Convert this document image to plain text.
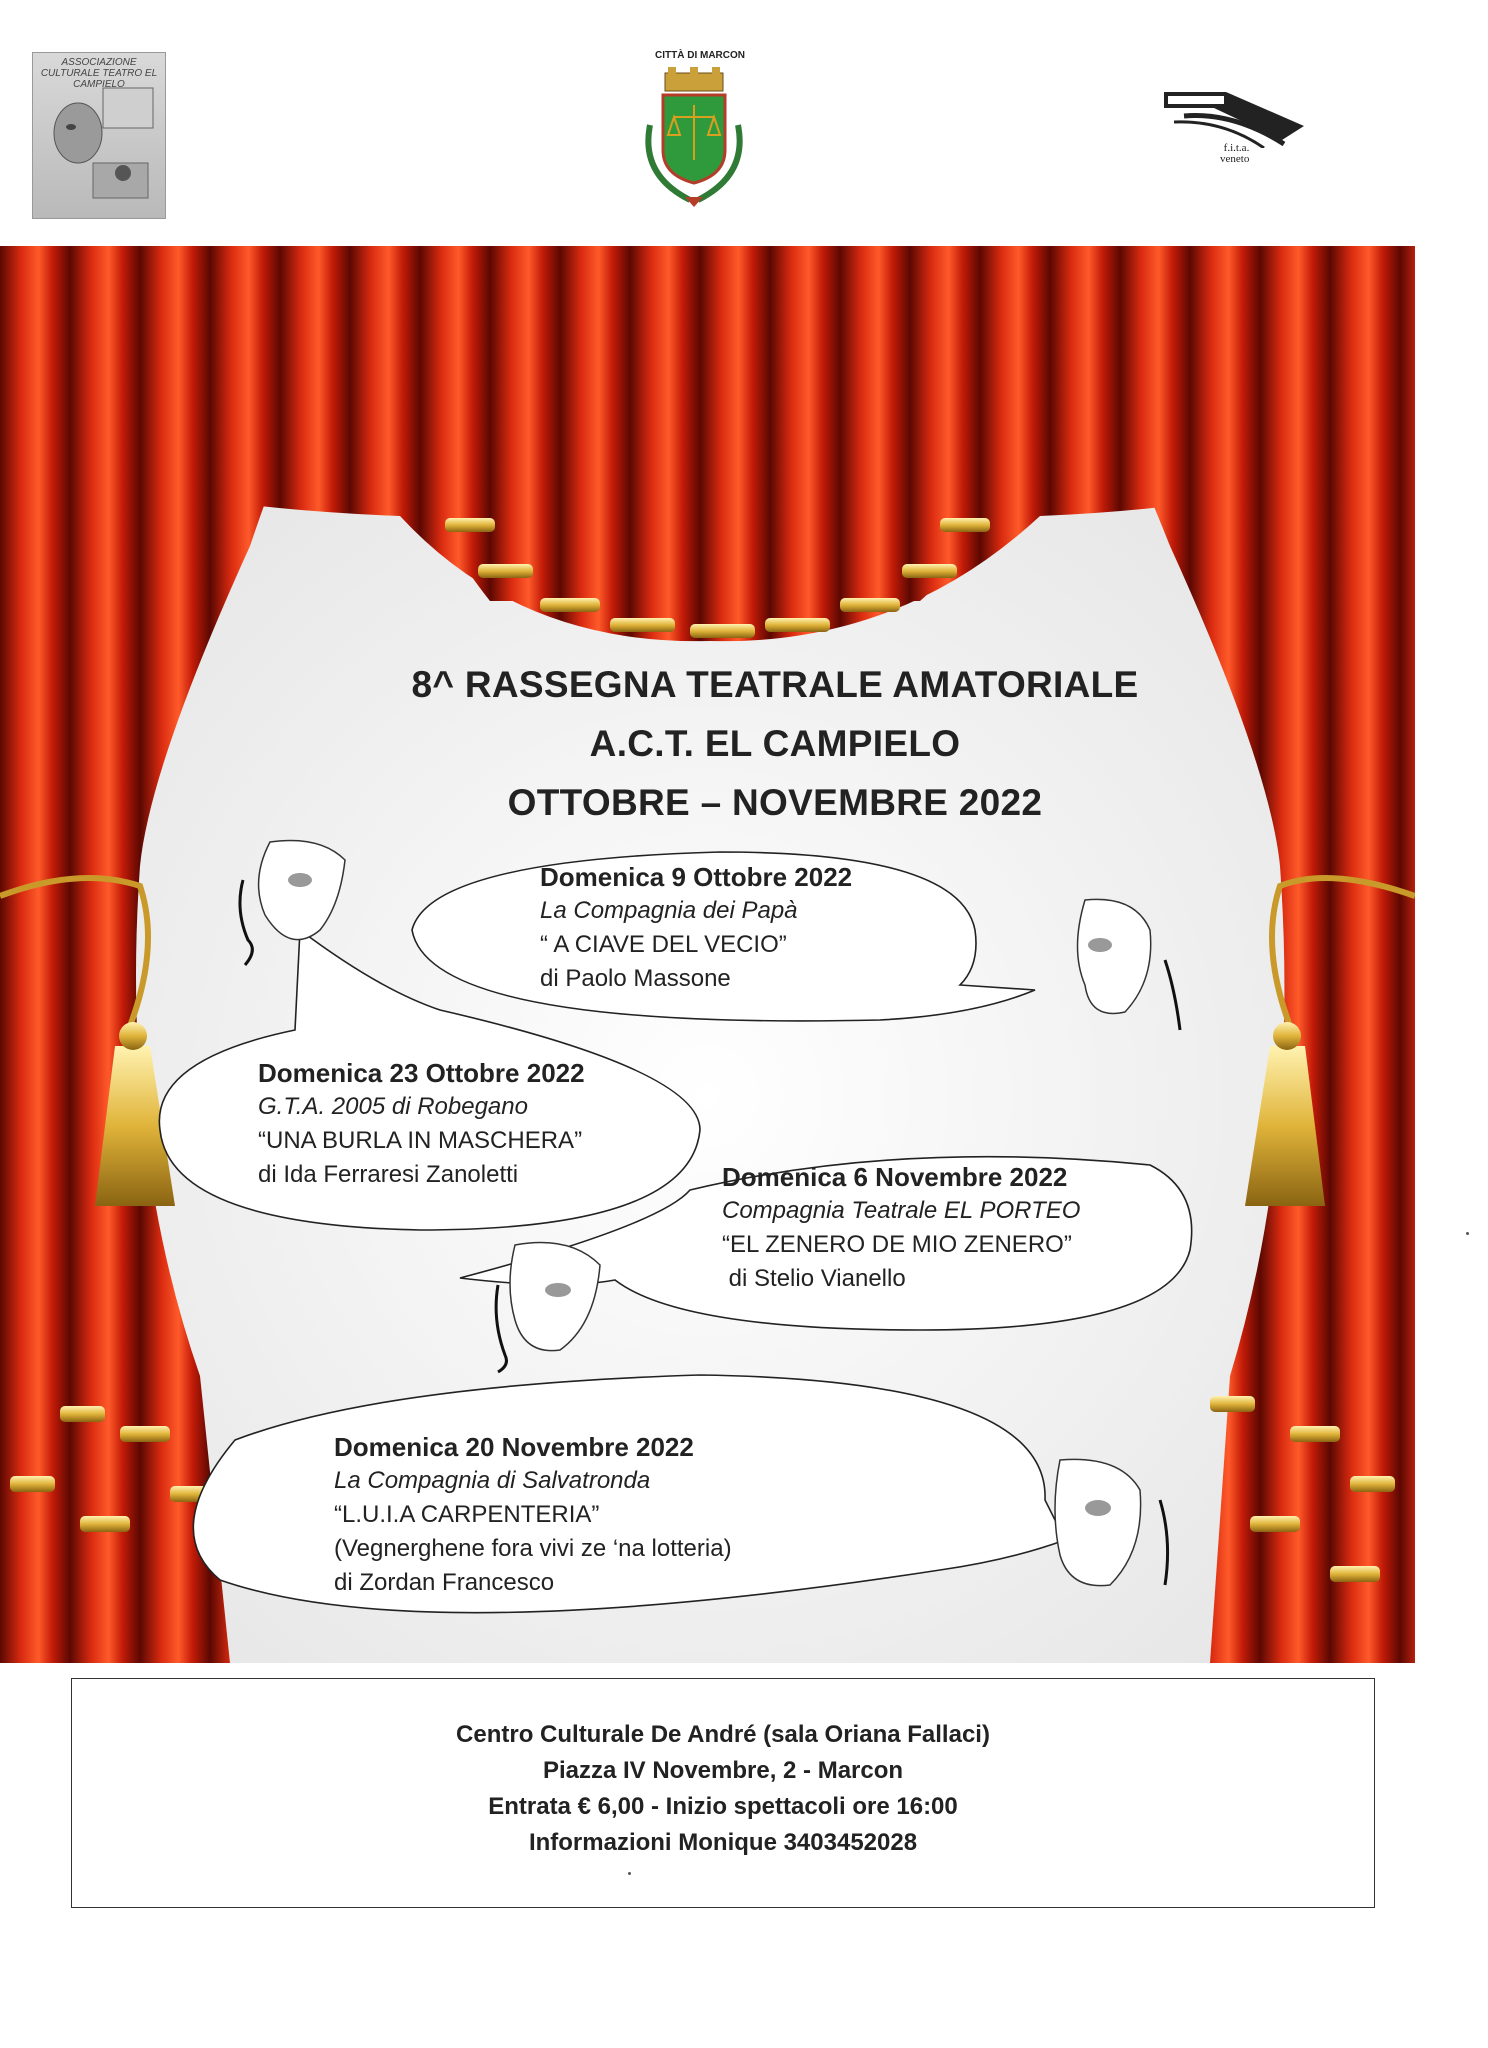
ASSOCIAZIONE CULTURALE TEATRO EL CAMPIELO
CITTÀ DI MARCON
f.i.t.a.
veneto
8^ RASSEGNA TEATRALE AMATORIALE
A.C.T. EL CAMPIELO
OTTOBRE – NOVEMBRE 2022
Domenica 9 Ottobre 2022
La Compagnia dei Papà
“ A CIAVE DEL VECIO”
di Paolo Massone
Domenica 23 Ottobre 2022
G.T.A. 2005 di Robegano
“UNA BURLA IN MASCHERA”
di Ida Ferraresi Zanoletti	Domenica 6 Novembre 2022
Compagnia Teatrale EL PORTEO
“EL ZENERO DE MIO ZENERO”
di Stelio Vianello
Domenica 20 Novembre 2022
La Compagnia di Salvatronda
“L.U.I.A CARPENTERIA”
(Vegnerghene fora vivi ze ‘na lotteria)
di Zordan Francesco
Centro Culturale De André (sala Oriana Fallaci)
Piazza IV Novembre, 2 - Marcon
Entrata € 6,00 - Inizio spettacoli ore 16:00
Informazioni Monique 3403452028
